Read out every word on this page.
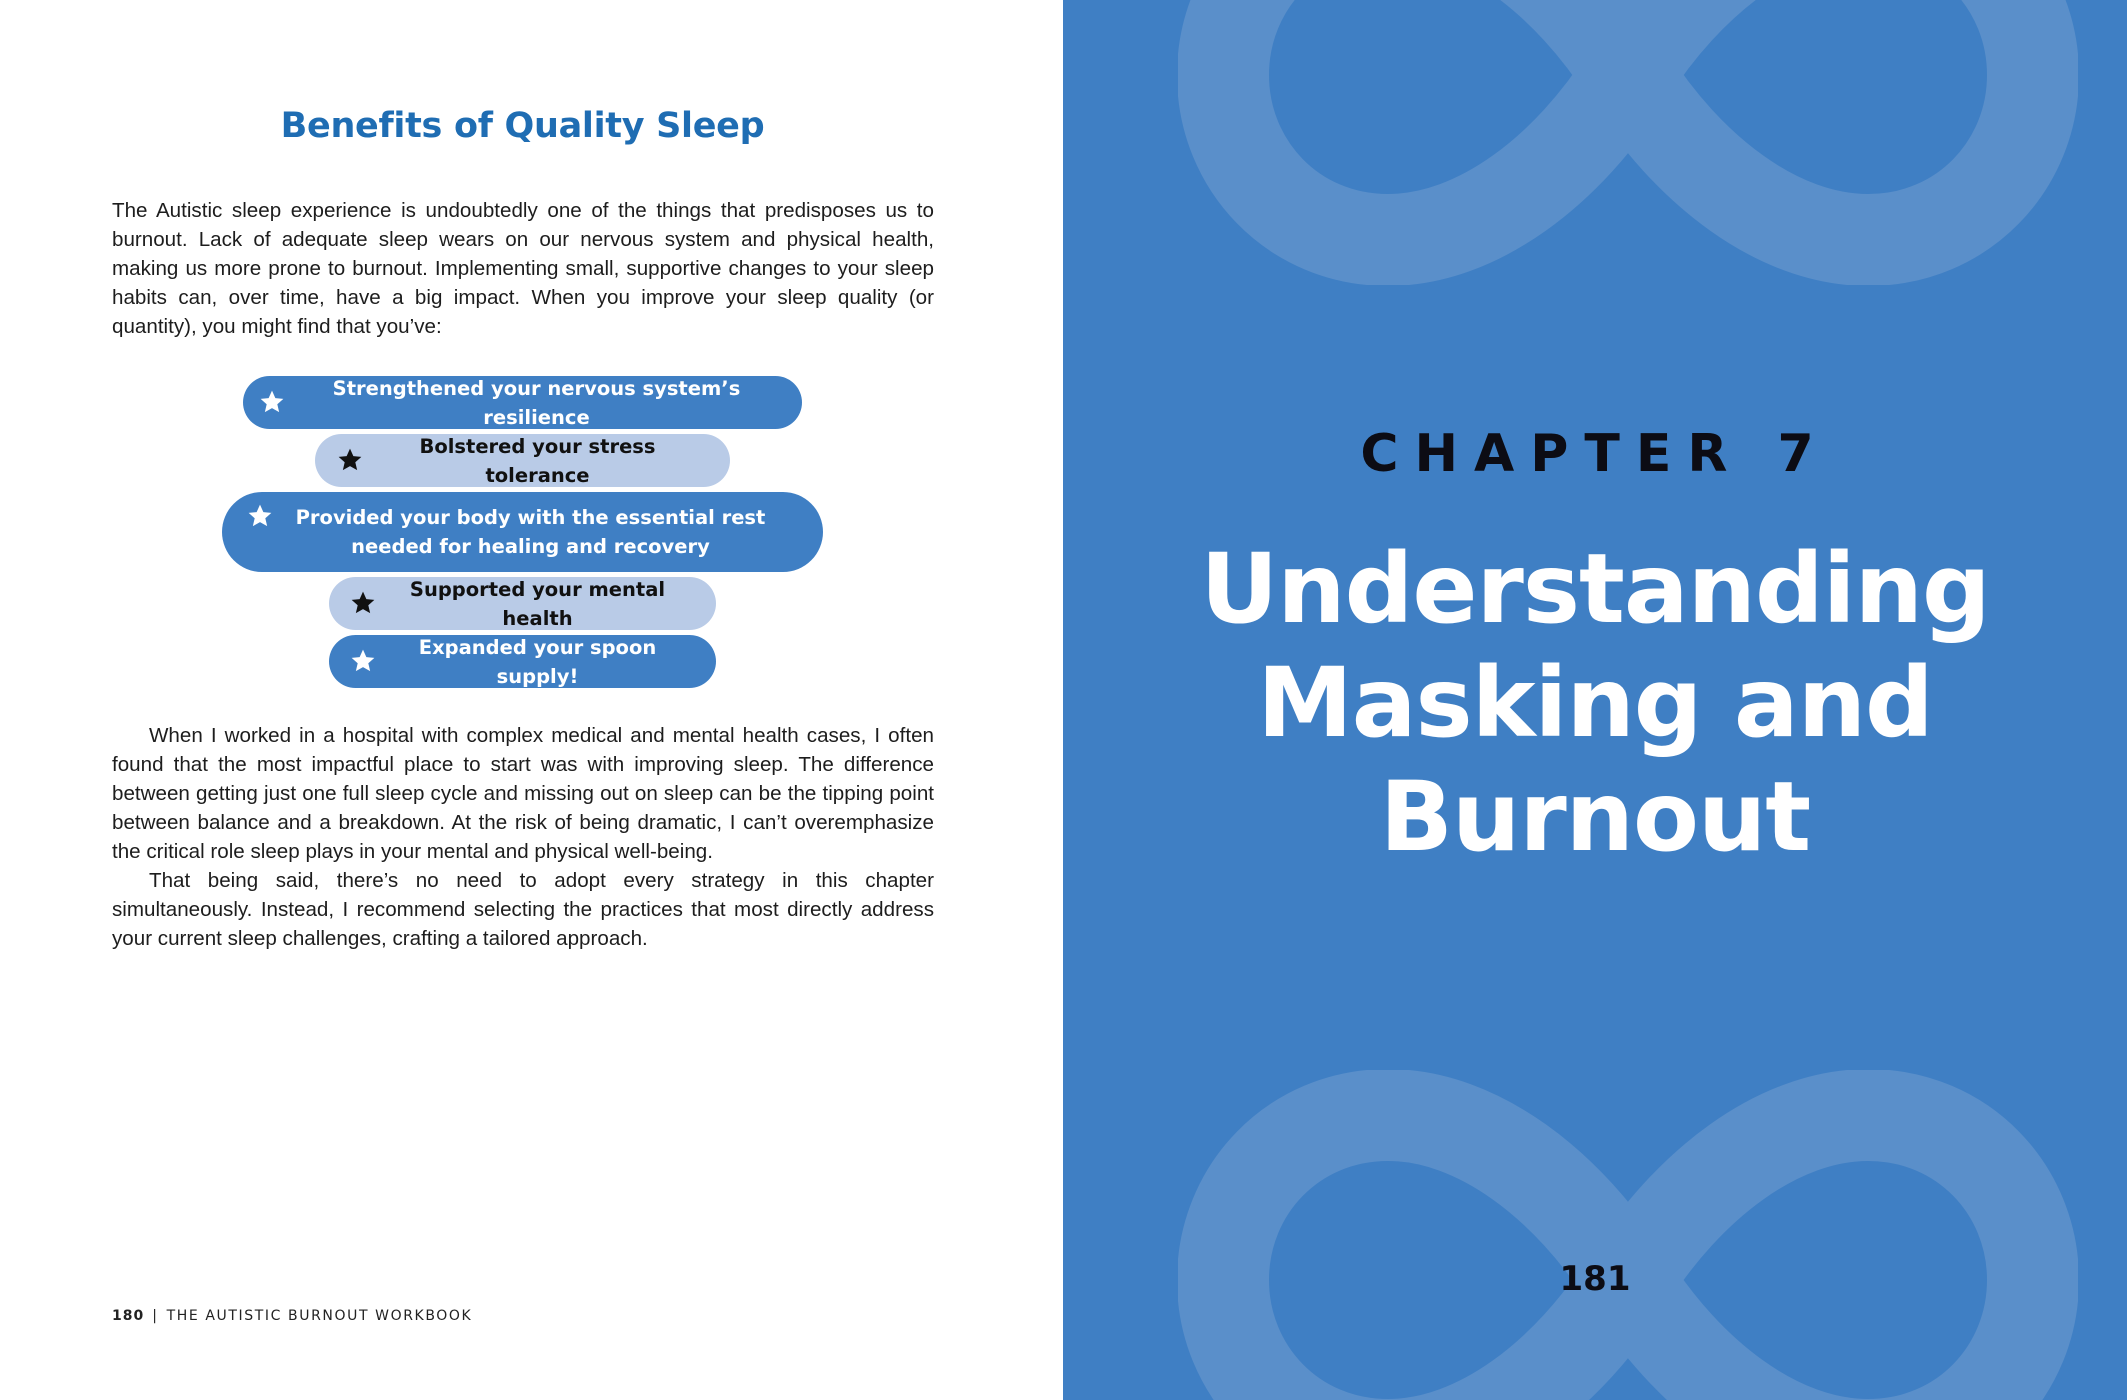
Benefits of Quality Sleep

The Autistic sleep experience is undoubtedly one of the things that predisposes us to burnout. Lack of adequate sleep wears on our nervous system and physical health, making us more prone to burnout. Implementing small, supportive changes to your sleep habits can, over time, have a big impact. When you improve your sleep quality (or quantity), you might find that you’ve:

Strengthened your nervous system’s resilience
Bolstered your stress tolerance
Provided your body with the essential rest needed for healing and recovery
Supported your mental health
Expanded your spoon supply!

When I worked in a hospital with complex medical and mental health cases, I often found that the most impactful place to start was with improving sleep. The difference between getting just one full sleep cycle and missing out on sleep can be the tipping point between balance and a breakdown. At the risk of being dramatic, I can’t overemphasize the critical role sleep plays in your mental and physical well-being.

That being said, there’s no need to adopt every strategy in this chapter simultaneously. Instead, I recommend selecting the practices that most directly address your current sleep challenges, crafting a tailored approach.

180 | THE AUTISTIC BURNOUT WORKBOOK
CHAPTER 7
Understanding
Masking and
Burnout
181
